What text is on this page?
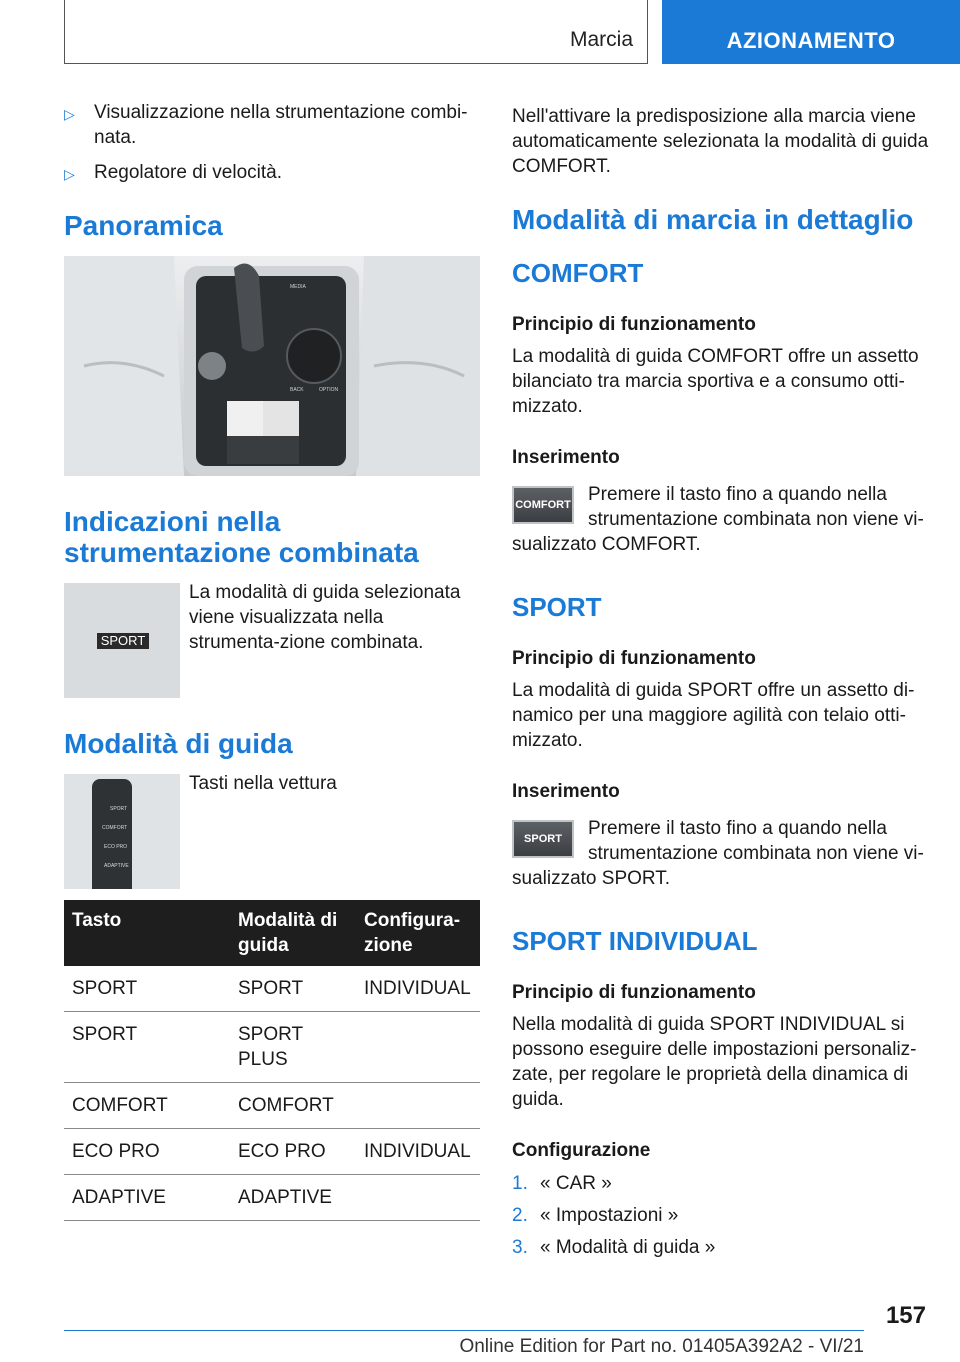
Marcia	AZIONAMENTO
▷	Visualizzazione nella strumentazione combi-nata.
▷	Regolatore di velocità.
Panoramica
MEDIA
BACK	OPTION
Indicazioni nella strumentazione combinata
SPORT

La modalità di guida selezionata viene visualizzata nella strumenta-zione combinata.

Modalità di guida
SPORT
COMFORT
ECO PRO
ADAPTIVE

Tasti nella vettura

Tasto	Modalità di guida	Configura-zione
SPORT	SPORT	INDIVIDUAL
SPORT	SPORT PLUS	
COMFORT	COMFORT	
ECO PRO	ECO PRO	INDIVIDUAL
ADAPTIVE	ADAPTIVE	

Nell'attivare la predisposizione alla marcia viene automaticamente selezionata la modalità di guida COMFORT.

Modalità di marcia in dettaglio
COMFORT
Principio di funzionamento

La modalità di guida COMFORT offre un assetto bilanciato tra marcia sportiva e a consumo otti-mizzato.

Inserimento
COMFORT Premere il tasto fino a quando nella strumentazione combinata non viene vi-

sualizzato COMFORT.

SPORT
Principio di funzionamento

La modalità di guida SPORT offre un assetto di-namico per una maggiore agilità con telaio otti-mizzato.

Inserimento
SPORT	Premere il tasto fino a quando nella strumentazione combinata non viene vi-

sualizzato SPORT.

SPORT INDIVIDUAL
Principio di funzionamento

Nella modalità di guida SPORT INDIVIDUAL si possono eseguire delle impostazioni personaliz-zate, per regolare le proprietà della dinamica di guida.

Configurazione
1. « CAR »
2. « Impostazioni »
3. « Modalità di guida »
157
Online Edition for Part no. 01405A392A2 - VI/21
